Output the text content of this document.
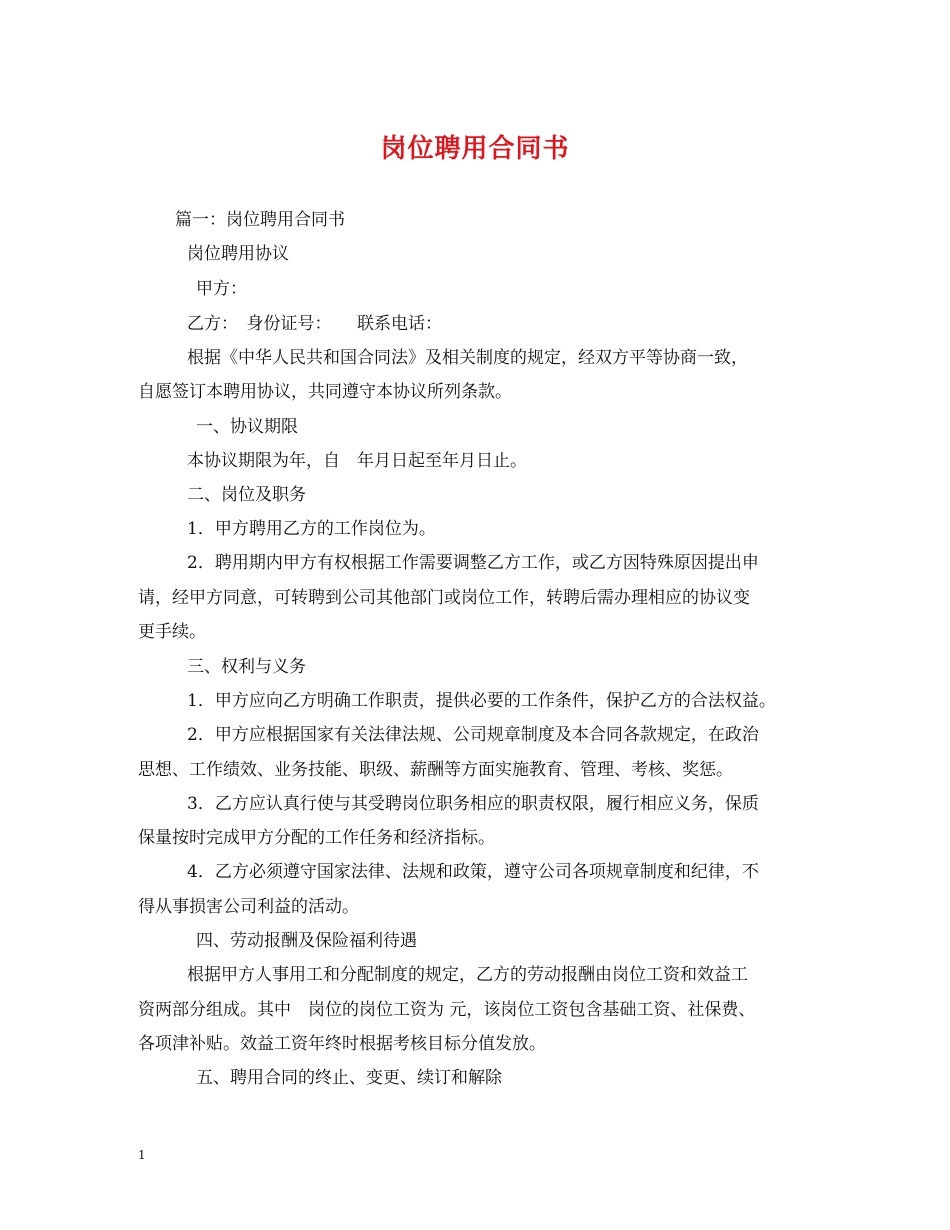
岗位聘用合同书
篇一：岗位聘用合同书
岗位聘用协议
甲方：
乙方：　身份证号：　　联系电话：
根据《中华人民共和国合同法》及相关制度的规定，经双方平等协商一致，
自愿签订本聘用协议，共同遵守本协议所列条款。
一、协议期限
本协议期限为年，自　年月日起至年月日止。
二、岗位及职务
1．甲方聘用乙方的工作岗位为。
2．聘用期内甲方有权根据工作需要调整乙方工作，或乙方因特殊原因提出申
请，经甲方同意，可转聘到公司其他部门或岗位工作，转聘后需办理相应的协议变
更手续。
三、权利与义务
1．甲方应向乙方明确工作职责，提供必要的工作条件，保护乙方的合法权益。
2．甲方应根据国家有关法律法规、公司规章制度及本合同各款规定，在政治
思想、工作绩效、业务技能、职级、薪酬等方面实施教育、管理、考核、奖惩。
3．乙方应认真行使与其受聘岗位职务相应的职责权限，履行相应义务，保质
保量按时完成甲方分配的工作任务和经济指标。
4．乙方必须遵守国家法律、法规和政策，遵守公司各项规章制度和纪律，不
得从事损害公司利益的活动。
四、劳动报酬及保险福利待遇
根据甲方人事用工和分配制度的规定，乙方的劳动报酬由岗位工资和效益工
资两部分组成。其中　岗位的岗位工资为 元，该岗位工资包含基础工资、社保费、
各项津补贴。效益工资年终时根据考核目标分值发放。
五、聘用合同的终止、变更、续订和解除
1
